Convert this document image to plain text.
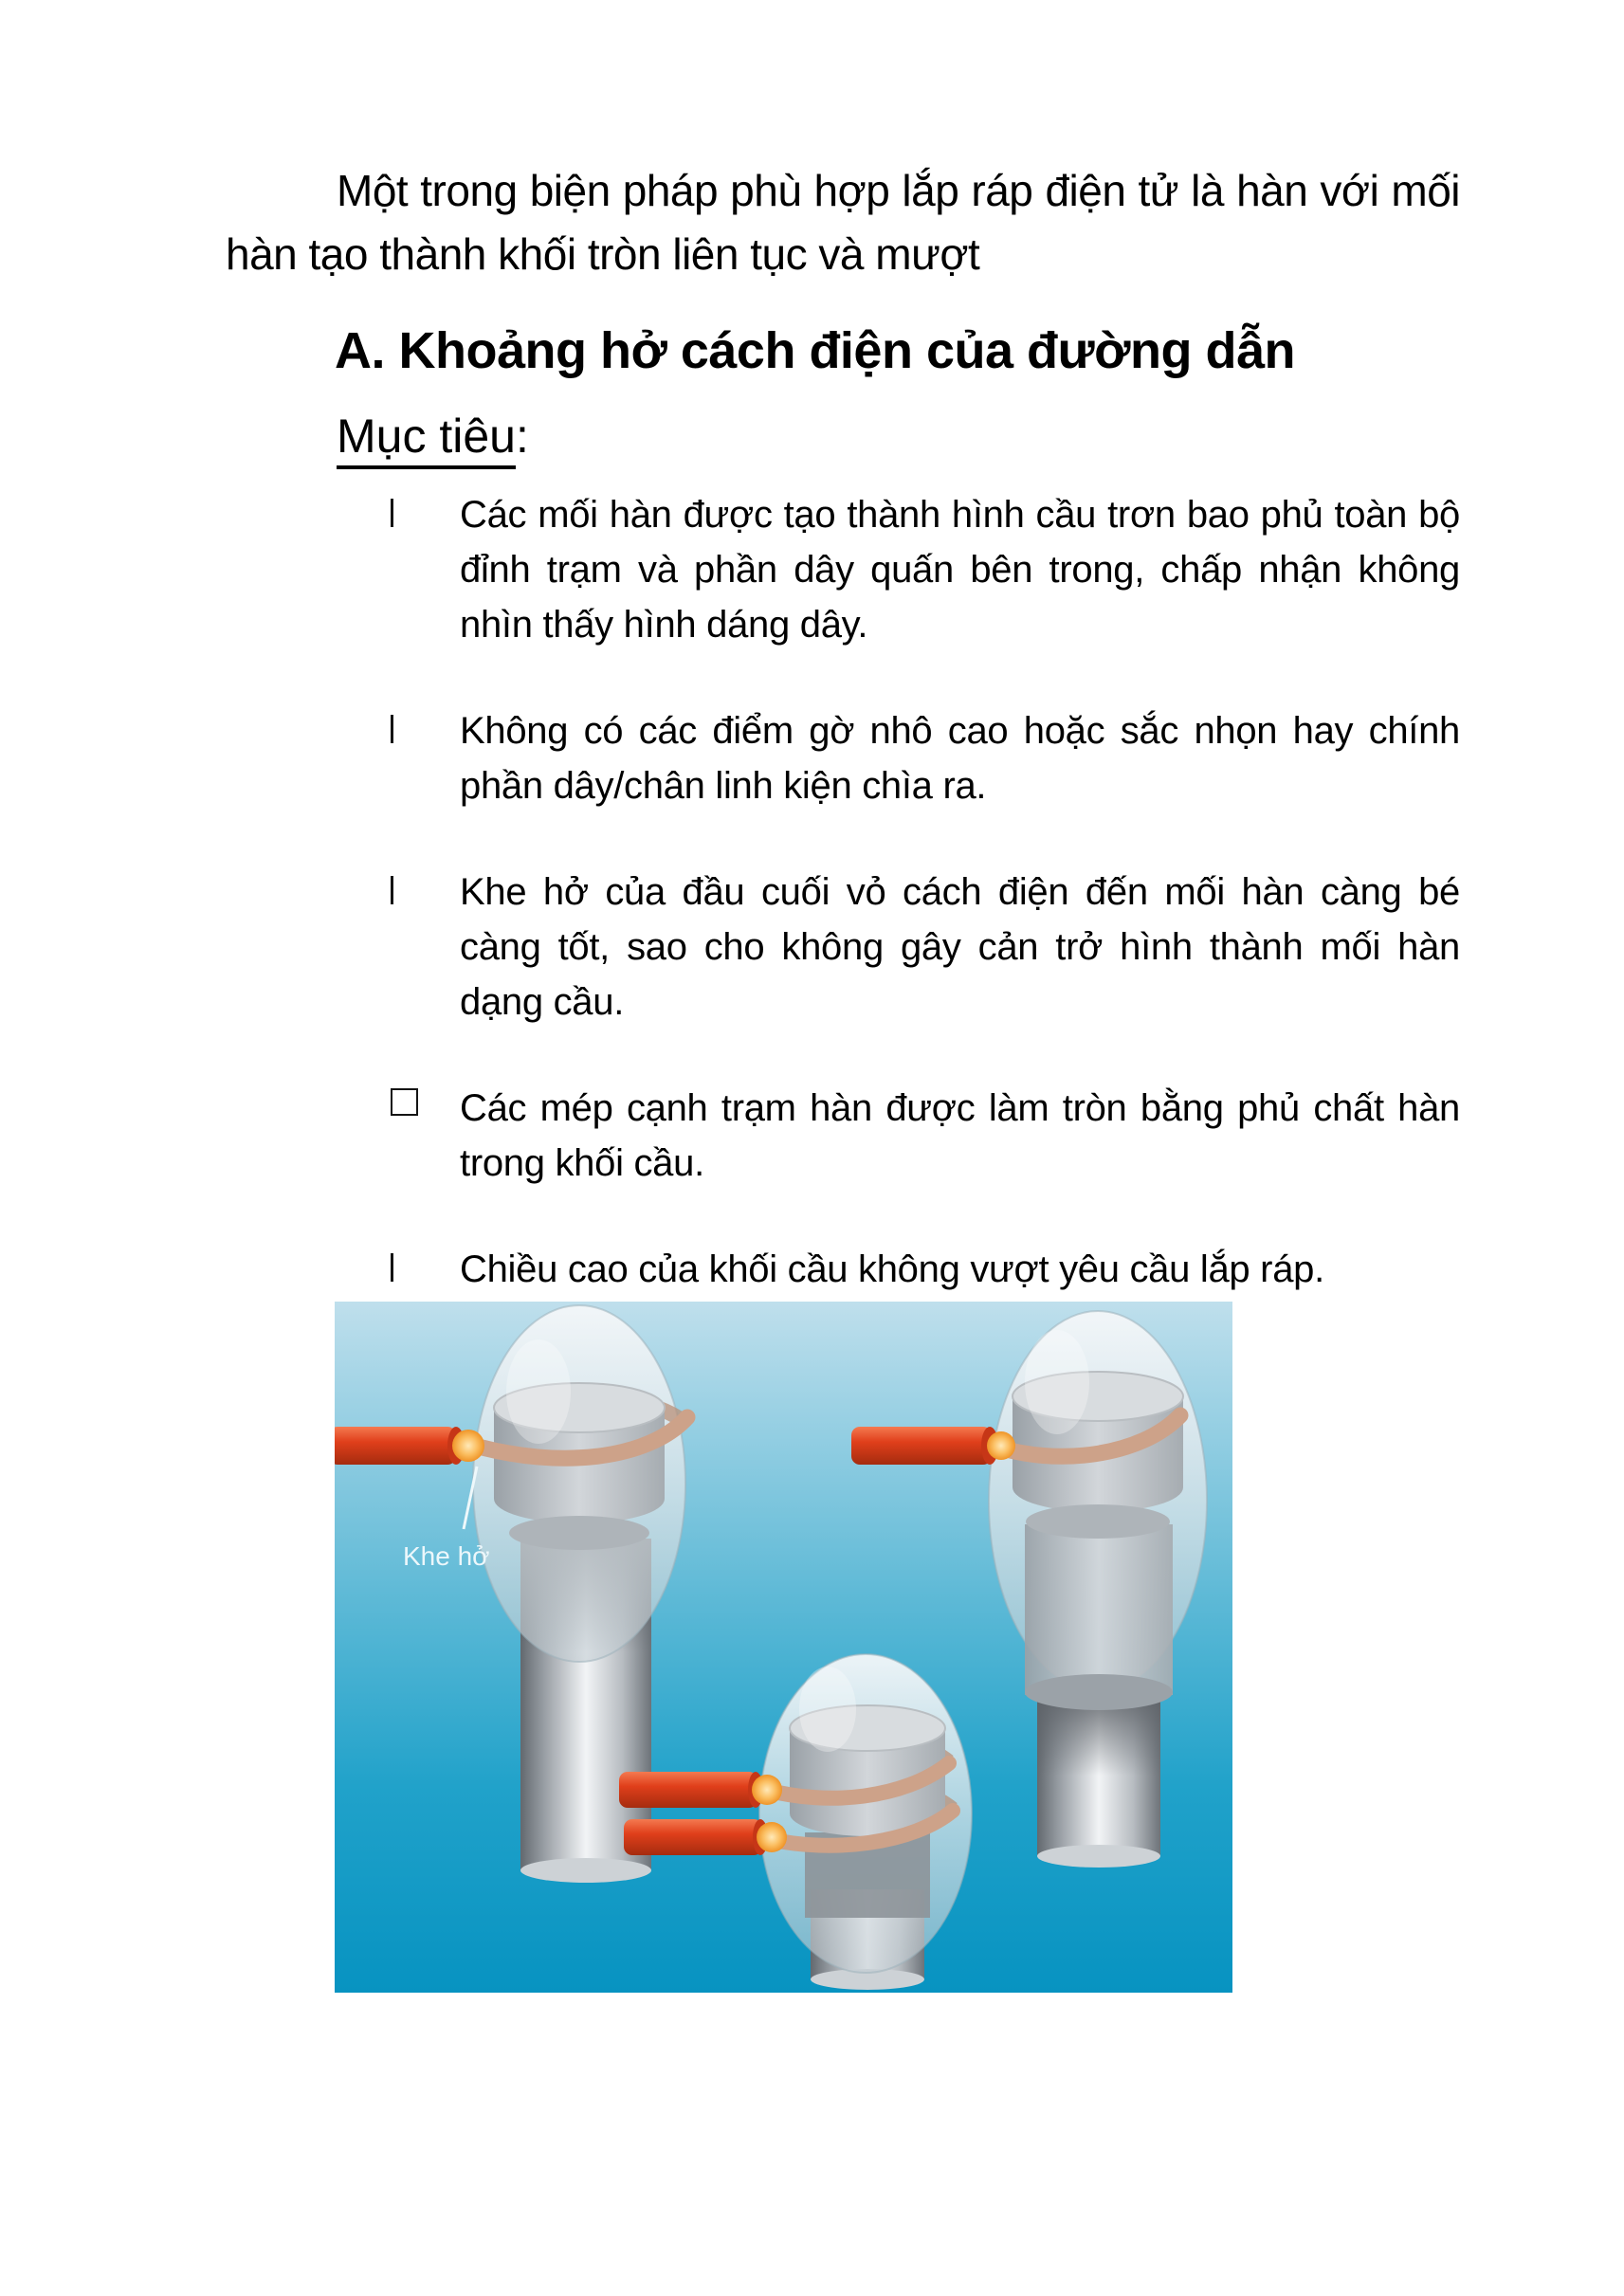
Một trong biện pháp phù hợp lắp ráp điện tử là hàn với mối hàn tạo thành khối tròn liên tục và mượt

A. Khoảng hở cách điện của đường dẫn

Mục tiêu:

Các mối hàn được tạo thành hình cầu trơn bao phủ toàn bộ đỉnh trạm và phần dây quấn bên trong, chấp nhận không nhìn thấy hình dáng dây.
Không có các điểm gờ nhô cao hoặc sắc nhọn hay chính phần dây/chân linh kiện chìa ra.
Khe hở của đầu cuối vỏ cách điện đến mối hàn càng bé càng tốt, sao cho không gây cản trở hình thành mối hàn dạng cầu.
Các mép cạnh trạm hàn được làm tròn bằng phủ chất hàn trong khối cầu.
Chiều cao của khối cầu không vượt yêu cầu lắp ráp.
Khe hở
